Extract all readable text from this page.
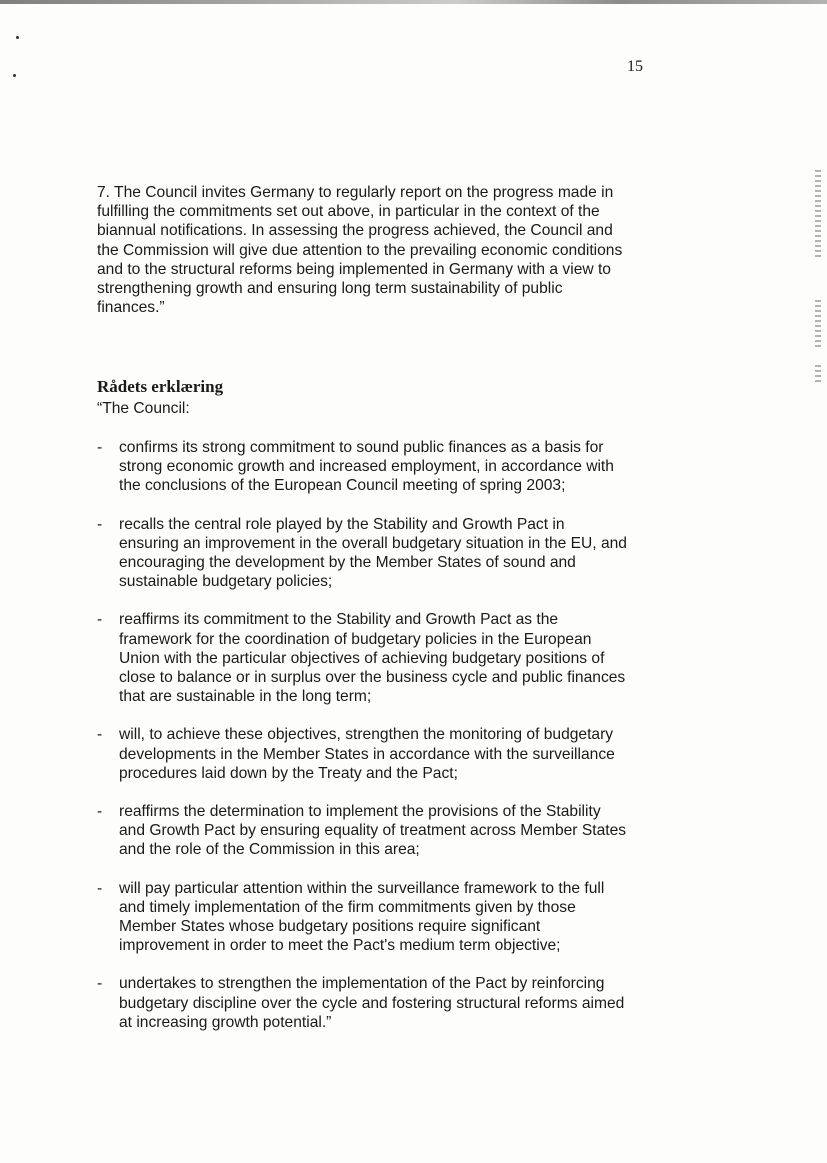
15

7. The Council invites Germany to regularly report on the progress made in fulfilling the commitments set out above, in particular in the context of the biannual notifications. In assessing the progress achieved, the Council and the Commission will give due attention to the prevailing economic conditions and to the structural reforms being implemented in Germany with a view to strengthening growth and ensuring long term sustainability of public finances.”

Rådets erklæring
“The Council:
- confirms its strong commitment to sound public finances as a basis for strong economic growth and increased employment, in accordance with the conclusions of the European Council meeting of spring 2003;
- recalls the central role played by the Stability and Growth Pact in ensuring an improvement in the overall budgetary situation in the EU, and encouraging the development by the Member States of sound and sustainable budgetary policies;
- reaffirms its commitment to the Stability and Growth Pact as the framework for the coordination of budgetary policies in the European Union with the particular objectives of achieving budgetary positions of close to balance or in surplus over the business cycle and public finances that are sustainable in the long term;
- will, to achieve these objectives, strengthen the monitoring of budgetary developments in the Member States in accordance with the surveillance procedures laid down by the Treaty and the Pact;
- reaffirms the determination to implement the provisions of the Stability and Growth Pact by ensuring equality of treatment across Member States and the role of the Commission in this area;
- will pay particular attention within the surveillance framework to the full and timely implementation of the firm commitments given by those Member States whose budgetary positions require significant improvement in order to meet the Pact's medium term objective;
- undertakes to strengthen the implementation of the Pact by reinforcing budgetary discipline over the cycle and fostering structural reforms aimed at increasing growth potential.”
